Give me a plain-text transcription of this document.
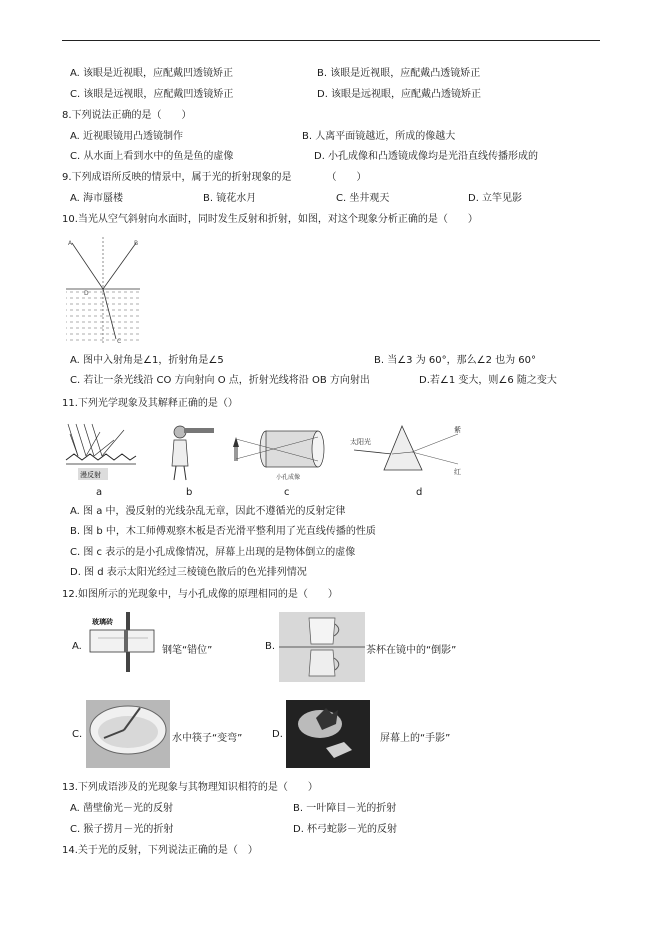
A. 该眼是近视眼，应配戴凹透镜矫正	B. 该眼是近视眼，应配戴凸透镜矫正
C. 该眼是远视眼，应配戴凹透镜矫正	D. 该眼是远视眼，应配戴凸透镜矫正
8.下列说法正确的是（　　）
A. 近视眼镜用凸透镜制作	B. 人离平面镜越近，所成的像越大
C. 从水面上看到水中的鱼是鱼的虚像	D. 小孔成像和凸透镜成像均是光沿直线传播形成的
9.下列成语所反映的情景中，属于光的折射现象的是　　　　（　　）
A. 海市蜃楼	B. 镜花水月	C. 坐井观天	D. 立竿见影
10.当光从空气斜射向水面时，同时发生反射和折射，如图，对这个现象分析正确的是（　　）
A	B
C
D
A. 图中入射角是∠1，折射角是∠5	B. 当∠3 为 60°，那么∠2 也为 60°
C. 若让一条光线沿 CO 方向射向 O 点，折射光线将沿 OB 方向射出	D.若∠1 变大，则∠6 随之变大
11.下列光学现象及其解释正确的是（）
漫反射
a	b
小孔成像
c
太阳光
紫
红
d
A. 图 a 中，漫反射的光线杂乱无章，因此不遵循光的反射定律
B. 图 b 中，木工师傅观察木板是否光滑平整利用了光直线传播的性质
C. 图 c 表示的是小孔成像情况，屏幕上出现的是物体倒立的虚像
D. 图 d 表示太阳光经过三棱镜色散后的色光排列情况
12.如图所示的光现象中，与小孔成像的原理相同的是（　　）
A.
玻璃砖
钢笔“错位”	B.	茶杯在镜中的“倒影”
C.	水中筷子“变弯”	D.	屏幕上的“手影”
13.下列成语涉及的光现象与其物理知识相符的是（　　）
A. 凿壁偷光－光的反射	B. 一叶障目－光的折射
C. 猴子捞月－光的折射	D. 杯弓蛇影－光的反射
14.关于光的反射，下列说法正确的是（　）
